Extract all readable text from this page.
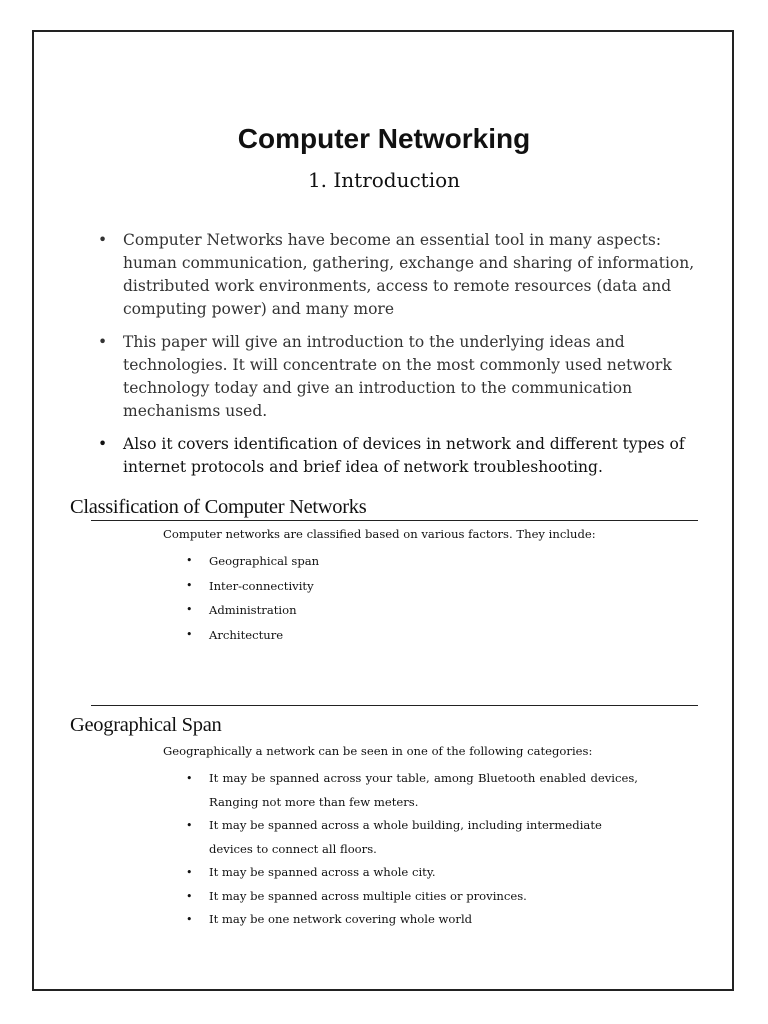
Computer Networking
1. Introduction
• Computer Networks have become an essential tool in many aspects: human communication, gathering, exchange and sharing of information, distributed work environments, access to remote resources (data and computing power) and many more
• This paper will give an introduction to the underlying ideas and technologies. It will concentrate on the most commonly used network technology today and give an introduction to the communication mechanisms used.
• Also it covers identification of devices in network and different types of internet protocols and brief idea of network troubleshooting.
Classification of Computer Networks
Computer networks are classified based on various factors. They include:
• Geographical span
• Inter-connectivity
• Administration
• Architecture
Geographical Span
Geographically a network can be seen in one of the following categories:
• It may be spanned across your table, among Bluetooth enabled devices, Ranging not more than few meters.
• It may be spanned across a whole building, including intermediate devices to connect all floors.
• It may be spanned across a whole city.
• It may be spanned across multiple cities or provinces.
• It may be one network covering whole world
